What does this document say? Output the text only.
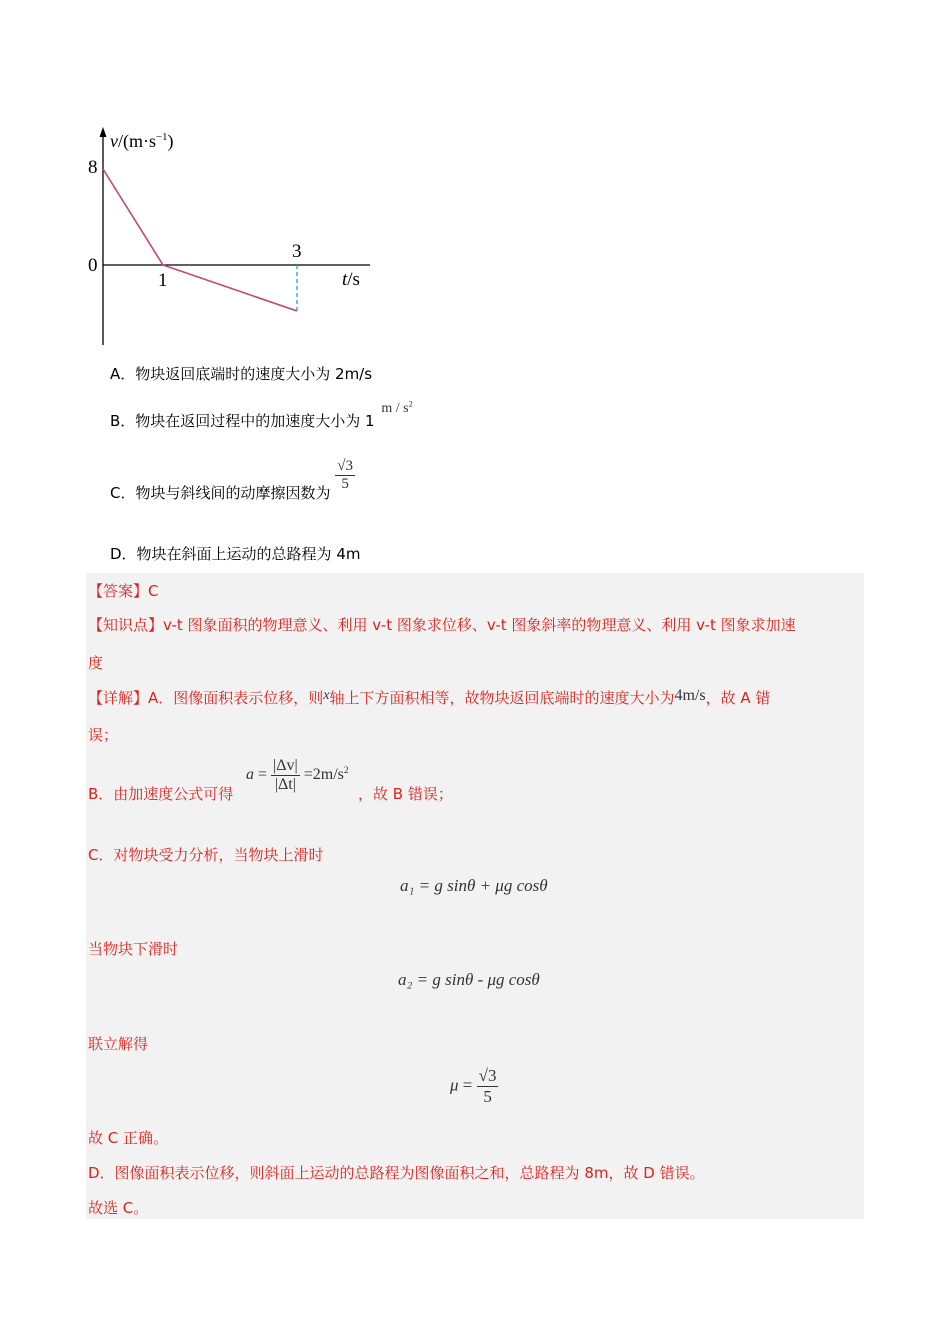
$v/(m\cdot s^{-1})$
8
0
1
3
t/s
A．物块返回底端时的速度大小为 2m/s
B．物块在返回过程中的加速度大小为 1 m / $s^2$
C．物块与斜线间的动摩擦因数为 $\frac{√3}{5}$
D．物块在斜面上运动的总路程为 4m
【答案】C
【知识点】v-t 图象面积的物理意义、利用 v-t 图象求位移、v-t 图象斜率的物理意义、利用 v-t 图象求加速
度
【详解】A．图像面积表示位移，则x轴上下方面积相等，故物块返回底端时的速度大小为4m/s，故 A 错
误；
B．由加速度公式可得
$a = \frac{|\Delta v|}{|\Delta t|} =2m/s^2$
，故 B 错误；
C．对物块受力分析，当物块上滑时
a₁ = g sinθ + μg cosθ
当物块下滑时
a₂ = g sinθ - μg cosθ
联立解得
$\mu = \frac{√3}{5}$
故 C 正确。
D．图像面积表示位移，则斜面上运动的总路程为图像面积之和，总路程为 8m，故 D 错误。
故选 C。
